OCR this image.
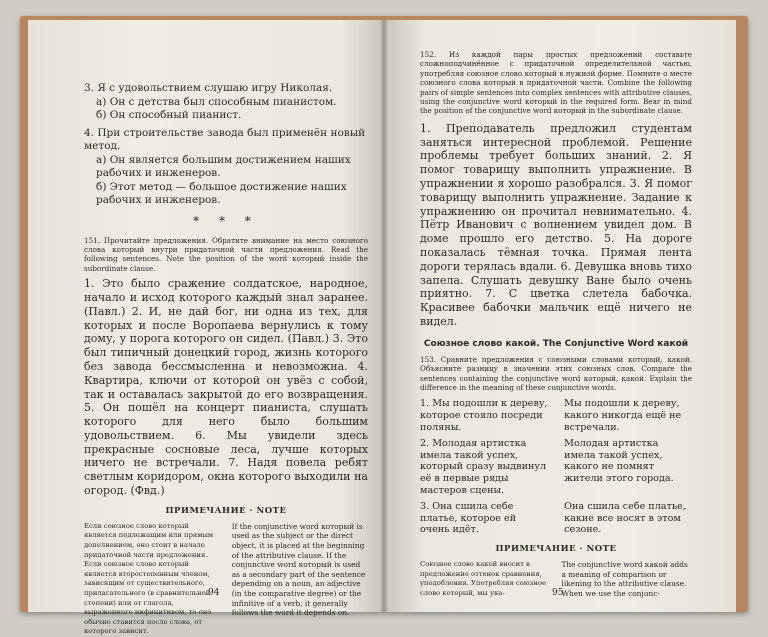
3. Я с удовольствием слушаю игру Николая.

а) Он с детства был способным пианистом.

б) Он способный пианист.

4. При строительстве завода был применён новый метод.

а) Он является большим достижением наших рабочих и инженеров.

б) Этот метод — большое достижение наших рабочих и инженеров.

* * *

151. Прочитайте предложения. Обратите внимание на место союзного слова который внутри придаточной части предложения. Read the following sentences. Note the position of the word который inside the subordinate clause.

1. Это было сражение солдатское, народное, начало и исход которого каждый знал заранее. (Павл.) 2. И, не дай бог, ни одна из тех, для которых и после Воропаева вернулись к тому дому, у порога которого он сидел. (Павл.) 3. Это был типичный донецкий город, жизнь которого без завода бессмысленна и невозможна. 4. Квартира, ключи от которой он увёз с собой, так и оставалась закрытой до его возвращения. 5. Он пошёл на концерт пианиста, слушать которого для него было большим удовольствием. 6. Мы увидели здесь прекрасные сосновые леса, лучше которых ничего не встречали. 7. Надя повела ребят светлым коридором, окна которого выходили на огород. (Фвд.)

ПРИМЕЧАНИЕ · NOTE

Если союзное слово который является подлежащим или прямым дополнением, оно стоит в начале придаточной части предложения. Если союзное слово который является второстепенным членом, зависящим от существительного, прилагательного (в сравнительной степени) или от глагола, выраженного инфинитивом, то оно обычно ставится после слова, от которого зависит.

If the conjunctive word который is used as the subject or the direct object, it is placed at the beginning of the attributive clause. If the conjunctive word который is used as a secondary part of the sentence depending on a noun, an adjective (in the comparative degree) or the infinitive of a verb, it generally follows the word it depends on.

94

152. Из каждой пары простых предложений составьте сложноподчинённое с придаточной определительной частью, употребляя союзное слово который в нужной форме. Помните о месте союзного слова который в придаточной части. Combine the following pairs of simple sentences into complex sentences with attributive clauses, using the conjunctive word который in the required form. Bear in mind the position of the conjunctive word который in the subordinate clause.

1. Преподаватель предложил студентам заняться интересной проблемой. Решение проблемы требует больших знаний. 2. Я помог товарищу выполнить упражнение. В упражнении я хорошо разобрался. 3. Я помог товарищу выполнить упражнение. Задание к упражнению он прочитал невнимательно. 4. Пётр Иванович с волнением увидел дом. В доме прошло его детство. 5. На дороге показалась тёмная точка. Прямая лента дороги терялась вдали. 6. Девушка вновь тихо запела. Слушать девушку Ване было очень приятно. 7. С цветка слетела бабочка. Красивее бабочки мальчик ещё ничего не видел.

Союзное слово какой. The Conjunctive Word какой

153. Сравните предложения с союзными словами который, какой. Объясните разницу в значении этих союзных слов. Compare the sentences containing the conjunctive word который, какой. Explain the difference in the meaning of these conjunctive words.

1. Мы подошли к дереву, которое стояло посреди поляны.

Мы подошли к дереву, какого никогда ещё не встречали.

2. Молодая артистка имела такой успех, который сразу выдвинул её в первые ряды мастеров сцены.

Молодая артистка имела такой успех, какого не помнят жители этого города.

3. Она сшила себе платье, которое ей очень идёт.

Она сшила себе платье, какие все носят в этом сезоне.

ПРИМЕЧАНИЕ · NOTE

Союзное слово какой вносит в предложение оттенок сравнения, уподобления. Употребляя союзное слово который, мы ука-

The conjunctive word какой adds a meaning of comparison or likening to the attributive clause. When we use the conjunc-

95
